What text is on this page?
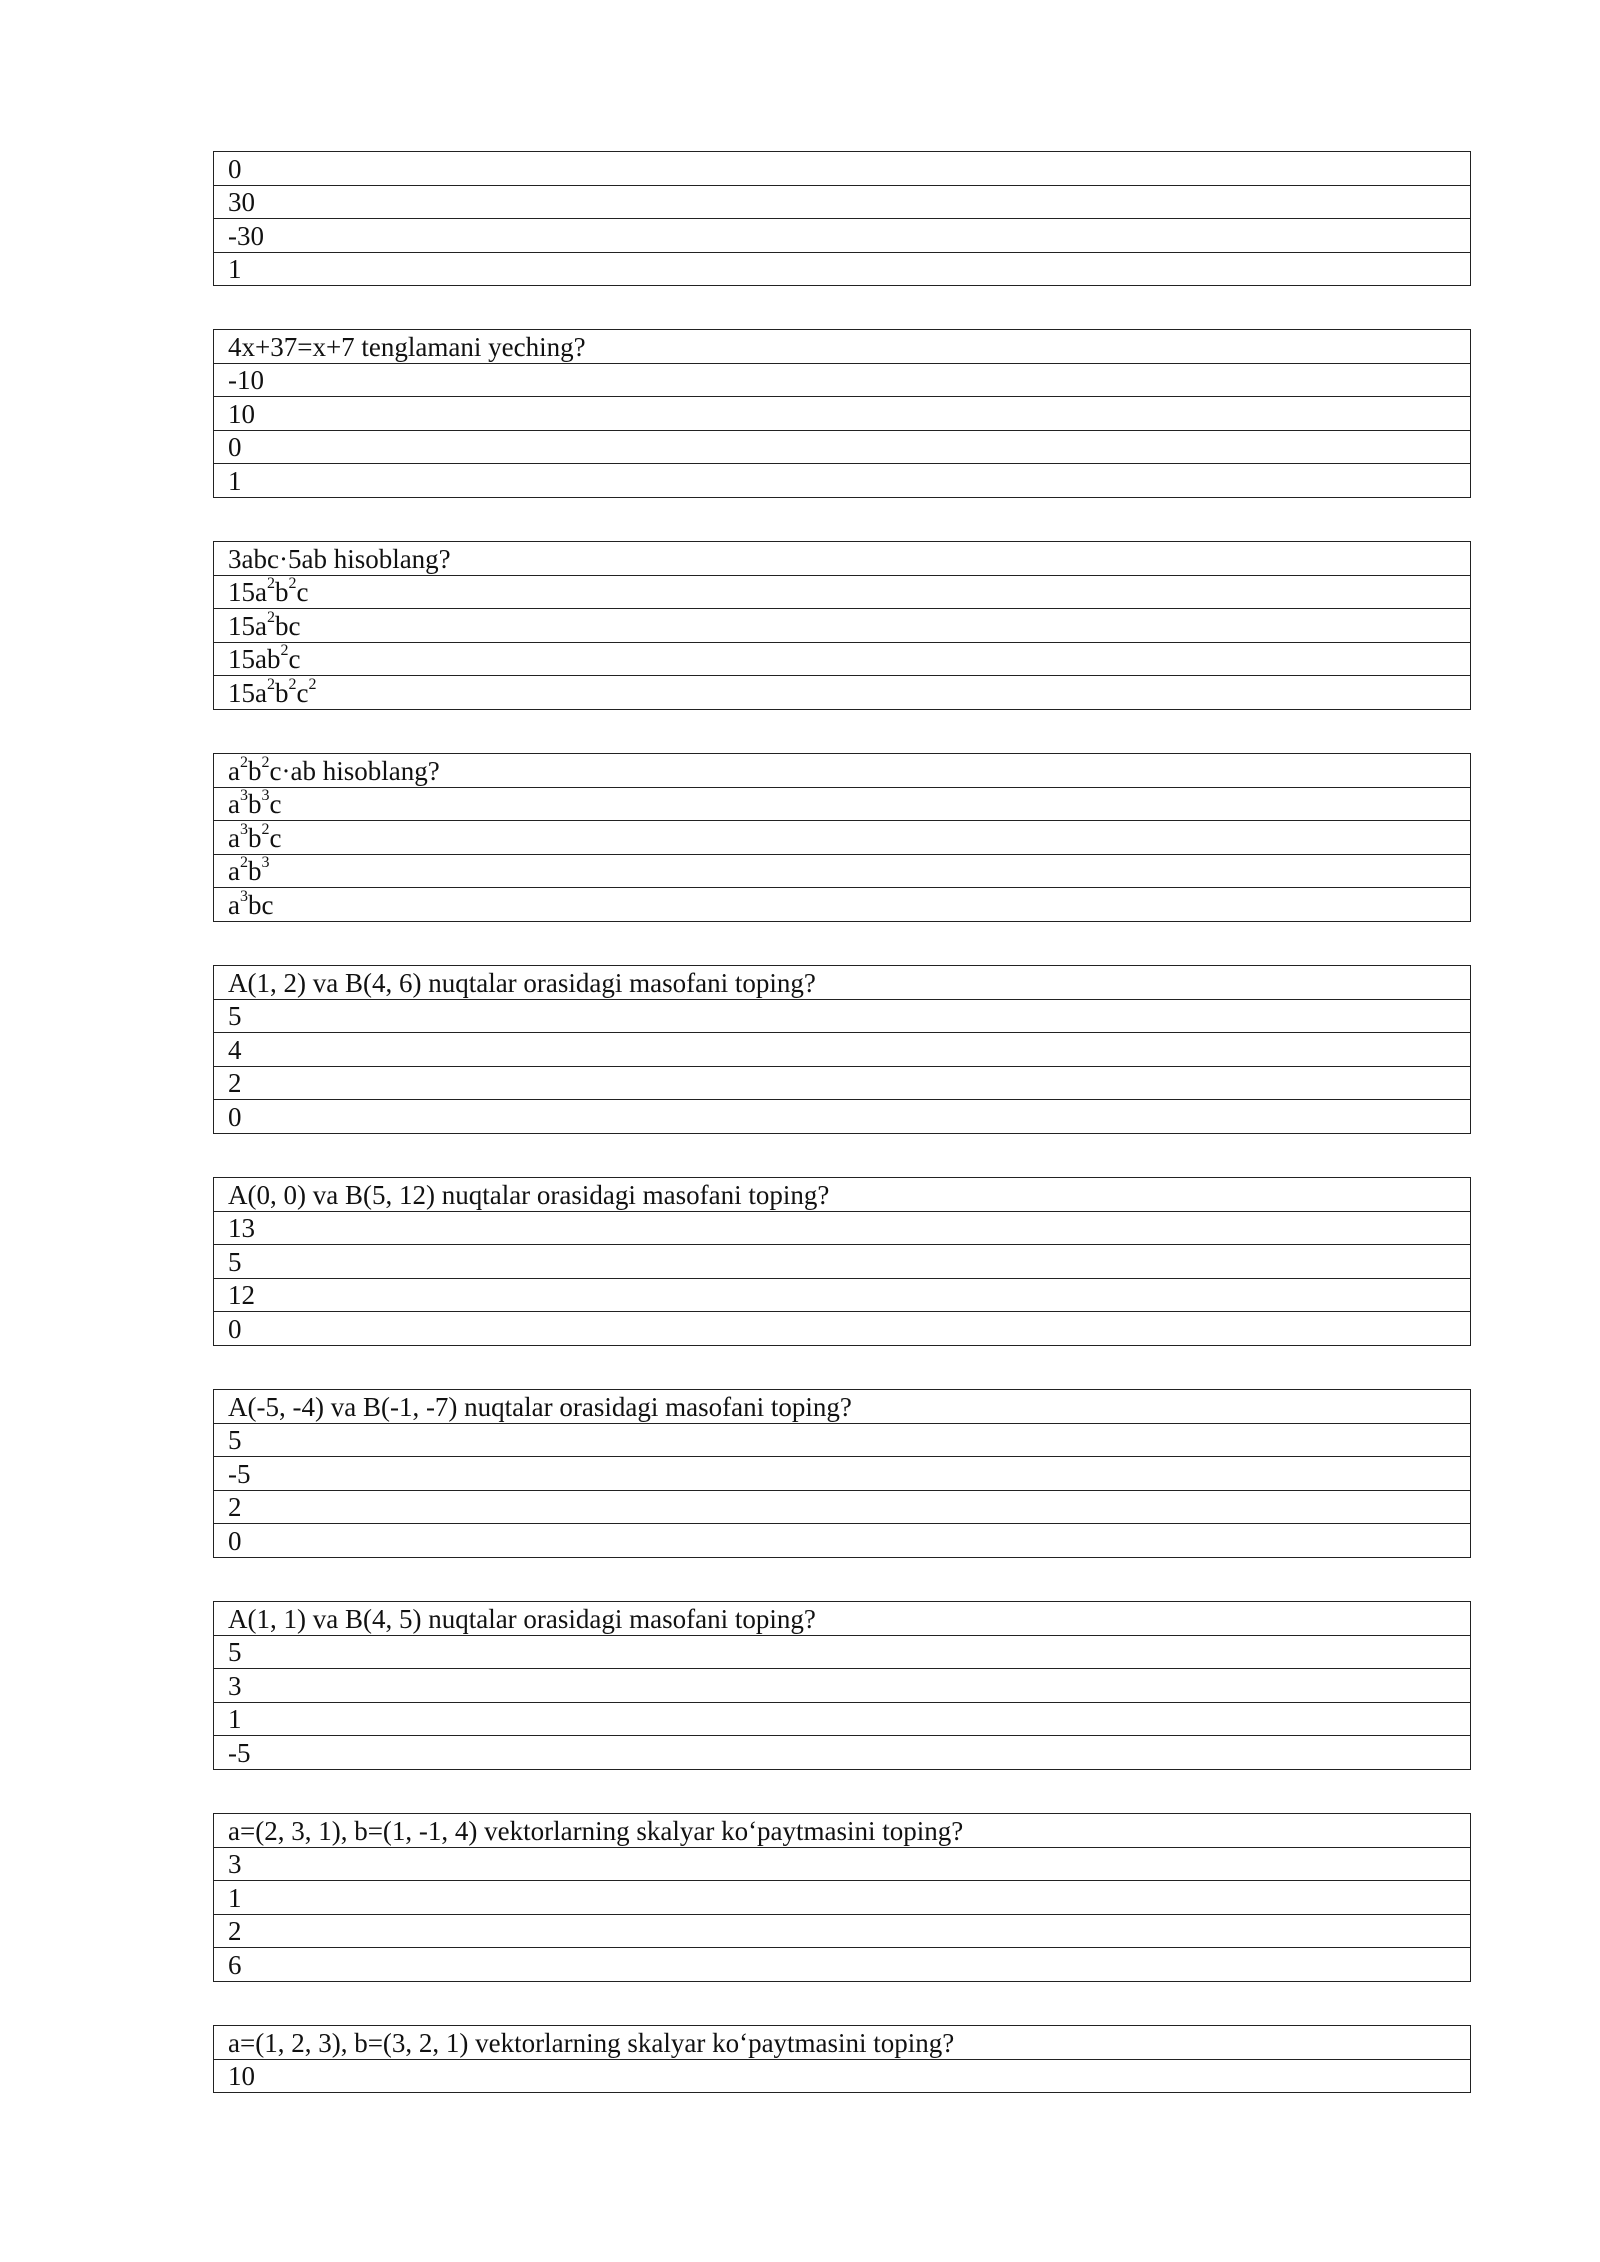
0
30
-30
1
4x+37=x+7 tenglamani yeching?
-10
10
0
1
3abc·5ab hisoblang?
$15a^2b^2c$
$15a^2bc$
$15ab^2c$
$15a^2b^2c^2$
$a^2b^2c\cdot ab$ hisoblang?
$a^3b^3c$
$a^3b^2c$
$a^2b^3$
$a^3bc$
A(1, 2) va B(4, 6) nuqtalar orasidagi masofani toping?
5
4
2
0
A(0, 0) va B(5, 12) nuqtalar orasidagi masofani toping?
13
5
12
0
A(-5, -4) va B(-1, -7) nuqtalar orasidagi masofani toping?
5
-5
2
0
A(1, 1) va B(4, 5) nuqtalar orasidagi masofani toping?
5
3
1
-5
a=(2, 3, 1), b=(1, -1, 4) vektorlarning skalyar ko‘paytmasini toping?
3
1
2
6
a=(1, 2, 3), b=(3, 2, 1) vektorlarning skalyar ko‘paytmasini toping?
10
